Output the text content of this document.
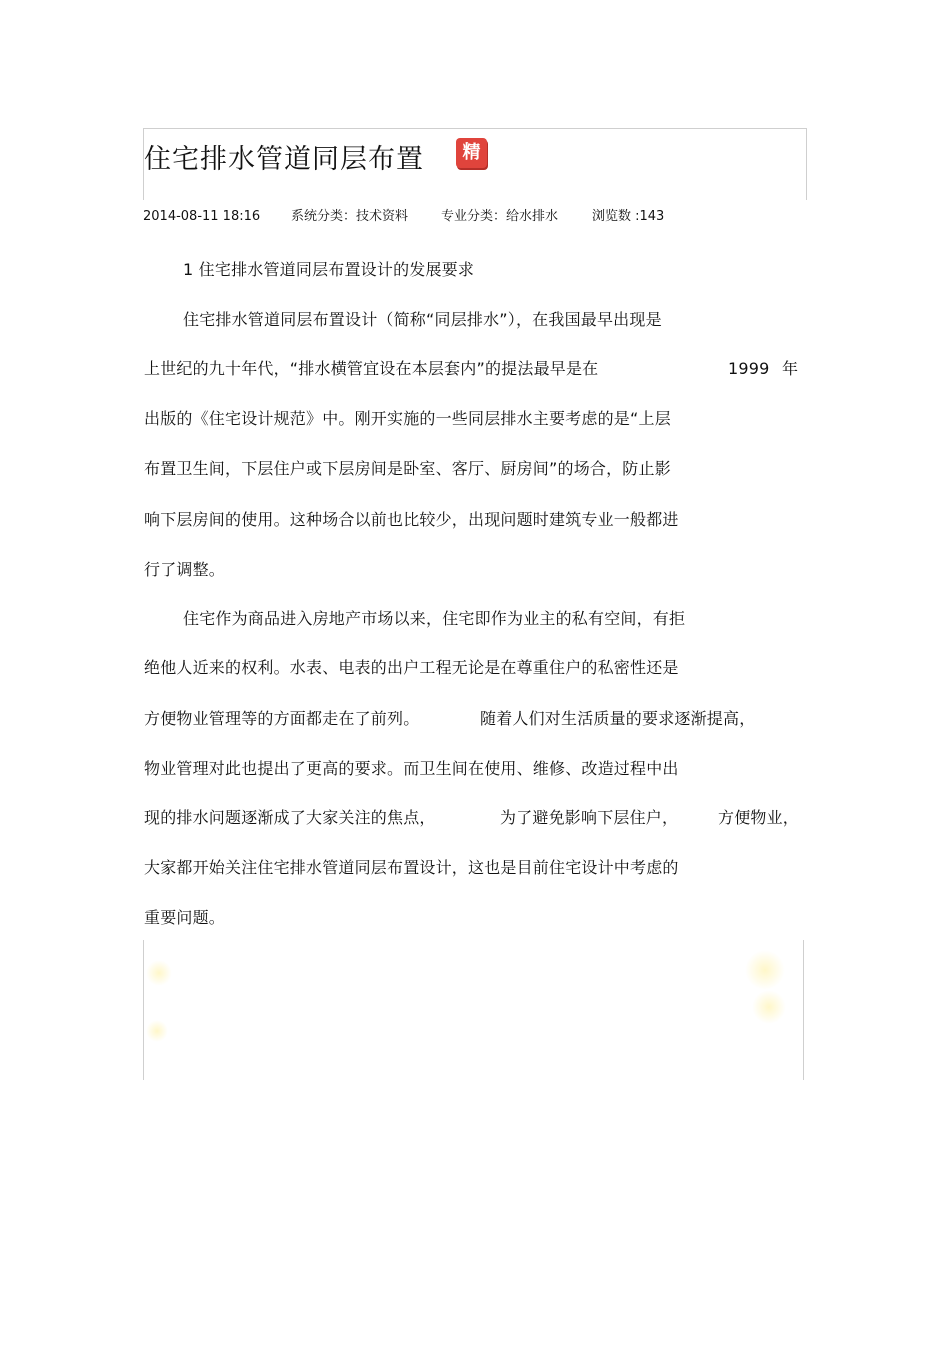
住宅排水管道同层布置	精
2014-08-11 18:16 系统分类：技术资料	专业分类：给水排水	浏览数 :143
1 住宅排水管道同层布置设计的发展要求
住宅排水管道同层布置设计（简称“同层排水”），在我国最早出现是
上世纪的九十年代，“排水横管宜设在本层套内”的提法最早是在	1999 年
出版的《住宅设计规范》中。刚开实施的一些同层排水主要考虑的是“上层
布置卫生间，下层住户或下层房间是卧室、客厅、厨房间”的场合，防止影
响下层房间的使用。这种场合以前也比较少，出现问题时建筑专业一般都进
行了调整。
住宅作为商品进入房地产市场以来，住宅即作为业主的私有空间，有拒
绝他人近来的权利。水表、电表的出户工程无论是在尊重住户的私密性还是
方便物业管理等的方面都走在了前列。	随着人们对生活质量的要求逐渐提高，
物业管理对此也提出了更高的要求。而卫生间在使用、维修、改造过程中出
现的排水问题逐渐成了大家关注的焦点，	为了避免影响下层住户， 方便物业，
大家都开始关注住宅排水管道同层布置设计，这也是目前住宅设计中考虑的
重要问题。
